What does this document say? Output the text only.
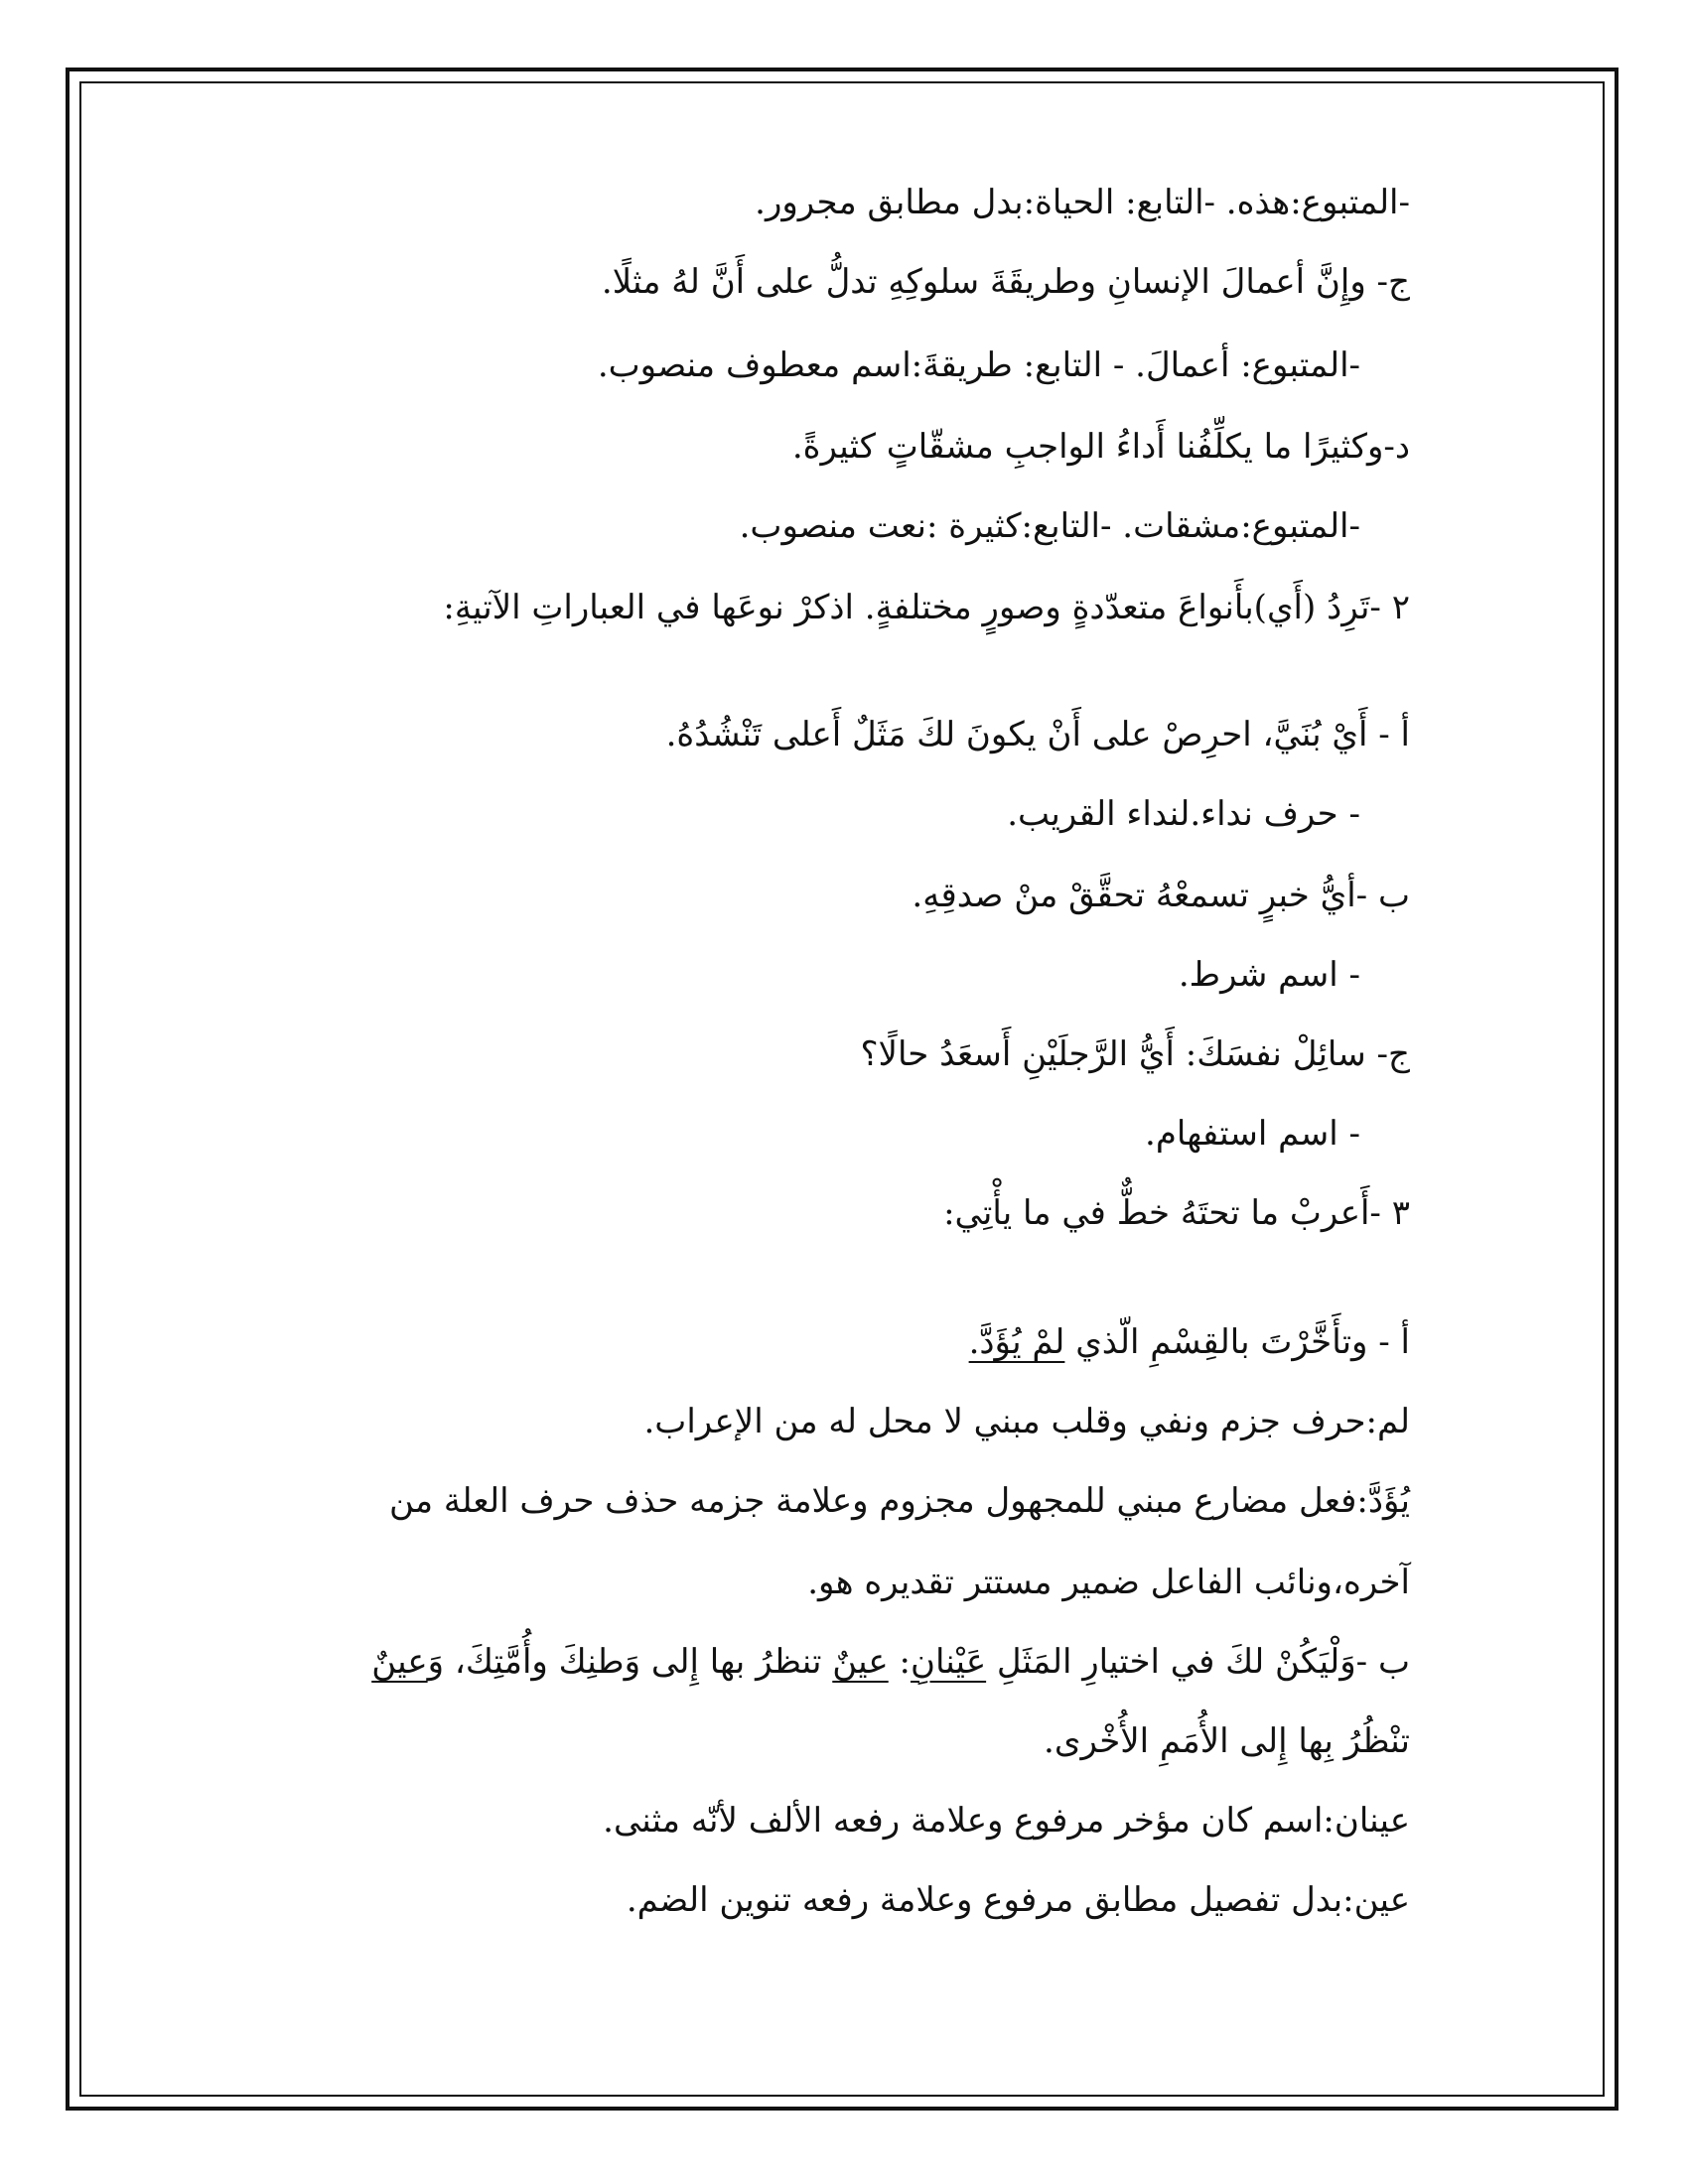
-المتبوع:هذه. -التابع: الحياة:بدل مطابق مجرور.
ج- وإِنَّ أعمالَ الإنسانِ وطريقَةَ سلوكِهِ تدلُّ على أَنَّ لهُ مثلًا.
-المتبوع: أعمالَ. - التابع: طريقةَ:اسم معطوف منصوب.
د-وكثيرًا ما يكلِّفُنا أَداءُ الواجبِ مشقّاتٍ كثيرةً.
-المتبوع:مشقات. -التابع:كثيرة :نعت منصوب.
٢ -تَرِدُ (أَي)بأَنواعَ متعدّدةٍ وصورٍ مختلفةٍ. اذكرْ نوعَها في العباراتِ الآتيةِ:
أ - أَيْ بُنَيَّ، احرِصْ على أَنْ يكونَ لكَ مَثَلٌ أَعلى تَنْشُدُهُ.
- حرف نداء.لنداء القريب.
ب -أيُّ خبرٍ تسمعْهُ تحقَّقْ منْ صدقِهِ.
- اسم شرط.
ج- سائِلْ نفسَكَ: أَيُّ الرَّجلَيْنِ أَسعَدُ حالًا؟
- اسم استفهام.
٣ -أَعربْ ما تحتَهُ خطٌّ في ما يأْتِي:
أ - وتأَخَّرْتَ بالقِسْمِ الّذي لمْ يُؤَدَّ.
لم:حرف جزم ونفي وقلب مبني لا محل له من الإعراب.
يُؤَدَّ:فعل مضارع مبني للمجهول مجزوم وعلامة جزمه حذف حرف العلة من
آخره،ونائب الفاعل ضمير مستتر تقديره هو.
ب -وَلْيَكُنْ لكَ في اختيارِ المَثَلِ عَيْنانِ: عينٌ تنظرُ بها إِلى وَطنِكَ وأُمَّتِكَ، وَعينٌ
تنْظُرُ بِها إِلى الأُمَمِ الأُخْرى.
عينان:اسم كان مؤخر مرفوع وعلامة رفعه الألف لأنّه مثنى.
عين:بدل تفصيل مطابق مرفوع وعلامة رفعه تنوين الضم.
